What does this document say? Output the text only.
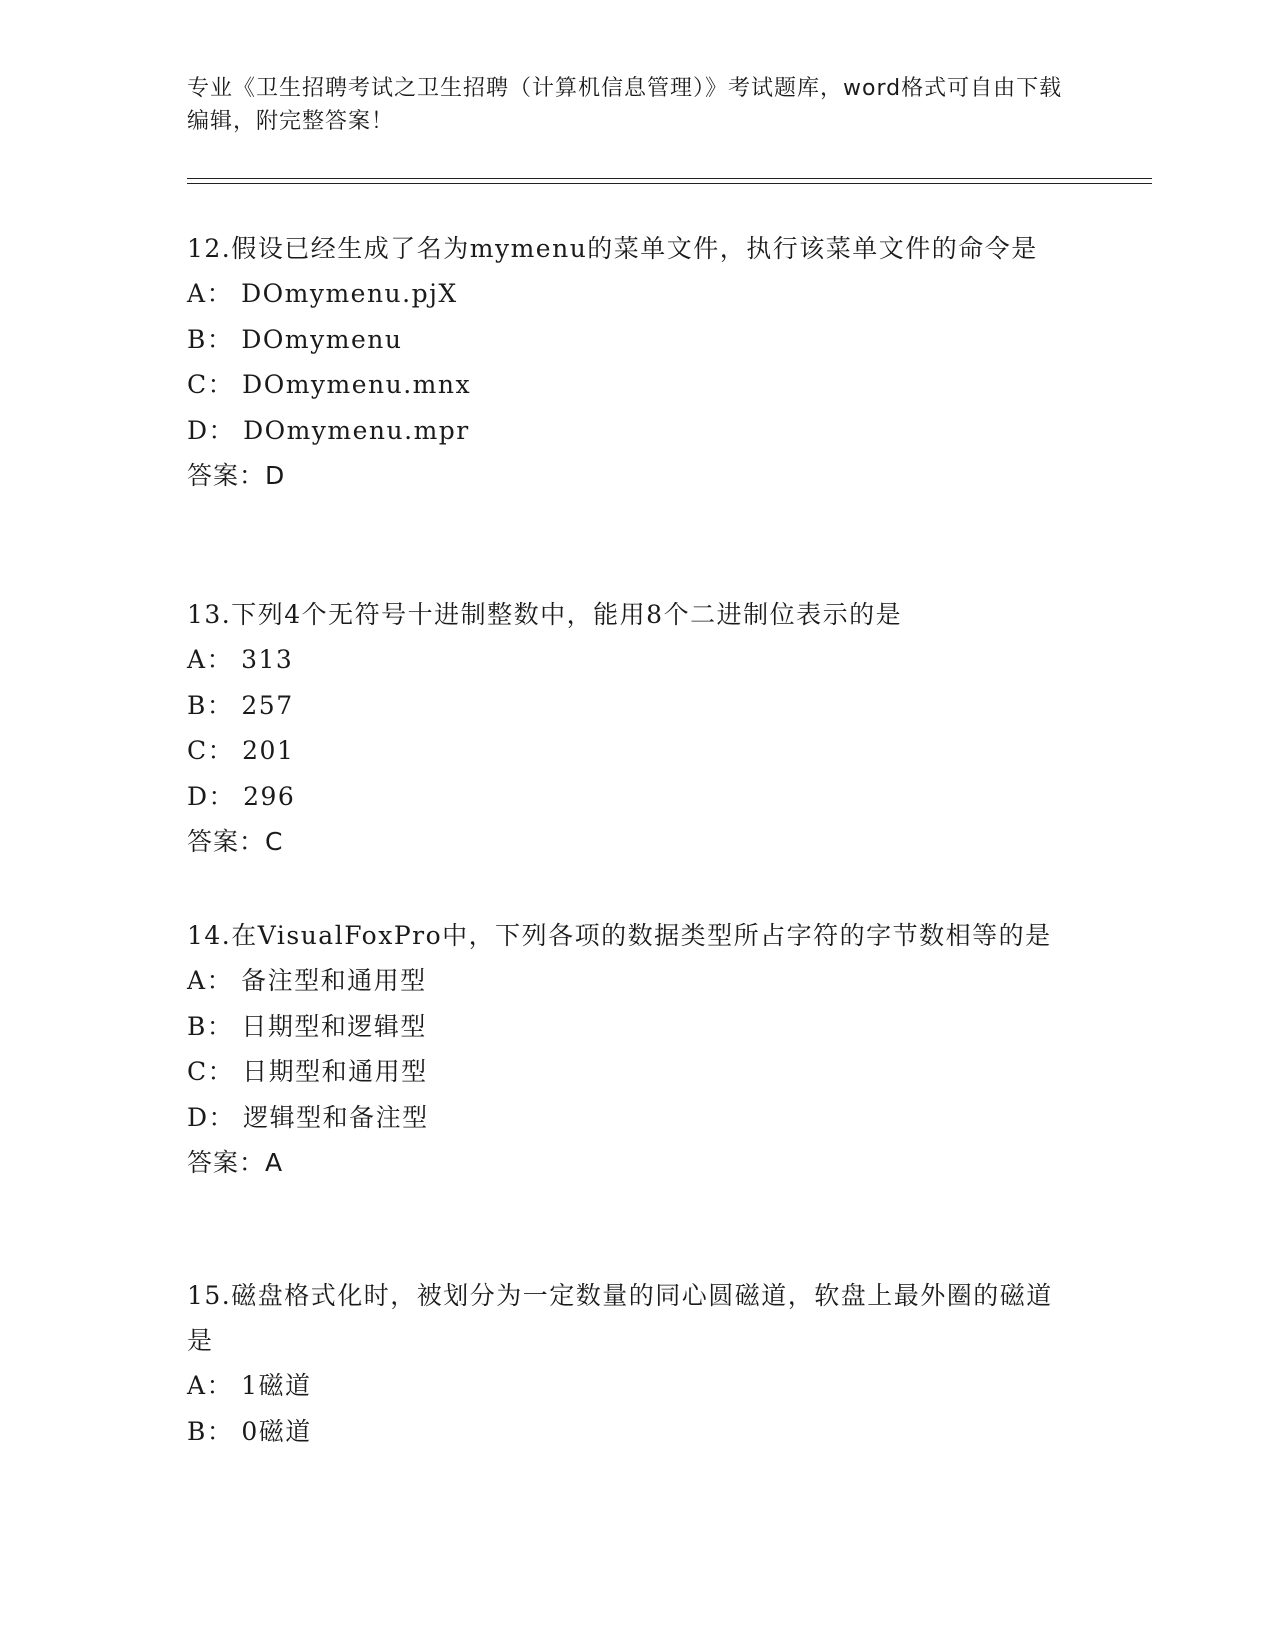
专业《卫生招聘考试之卫生招聘（计算机信息管理）》考试题库，word格式可自由下载编辑，附完整答案！

12.假设已经生成了名为mymenu的菜单文件，执行该菜单文件的命令是

A： DOmymenu.pjX
B： DOmymenu
C： DOmymenu.mnx
D： DOmymenu.mpr
答案：D

13.下列4个无符号十进制整数中，能用8个二进制位表示的是

A： 313
B： 257
C： 201
D： 296
答案：C

14.在VisualFoxPro中，下列各项的数据类型所占字符的字节数相等的是

A： 备注型和通用型
B： 日期型和逻辑型
C： 日期型和通用型
D： 逻辑型和备注型
答案：A

15.磁盘格式化时，被划分为一定数量的同心圆磁道，软盘上最外圈的磁道是

A： 1磁道
B： 0磁道
